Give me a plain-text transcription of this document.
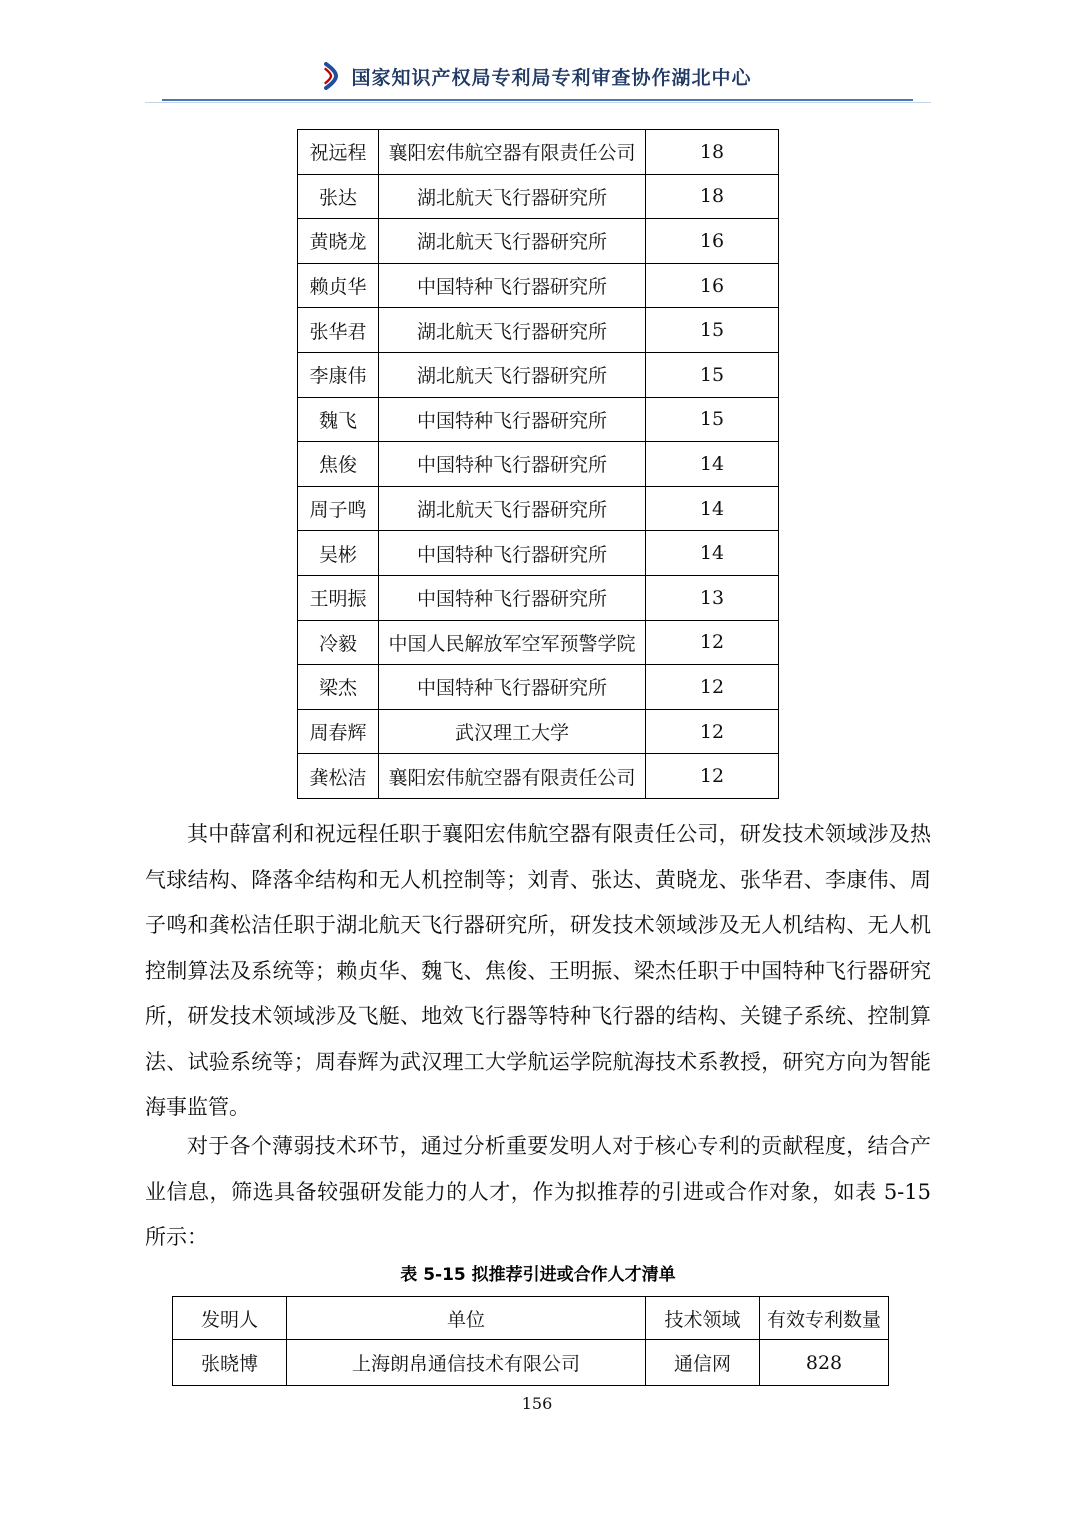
国家知识产权局专利局专利审查协作湖北中心
祝远程	襄阳宏伟航空器有限责任公司	18
张达	湖北航天飞行器研究所	18
黄晓龙	湖北航天飞行器研究所	16
赖贞华	中国特种飞行器研究所	16
张华君	湖北航天飞行器研究所	15
李康伟	湖北航天飞行器研究所	15
魏飞	中国特种飞行器研究所	15
焦俊	中国特种飞行器研究所	14
周子鸣	湖北航天飞行器研究所	14
吴彬	中国特种飞行器研究所	14
王明振	中国特种飞行器研究所	13
冷毅	中国人民解放军空军预警学院	12
梁杰	中国特种飞行器研究所	12
周春辉	武汉理工大学	12
龚松洁	襄阳宏伟航空器有限责任公司	12

其中薛富利和祝远程任职于襄阳宏伟航空器有限责任公司，研发技术领域涉及热气球结构、降落伞结构和无人机控制等；刘青、张达、黄晓龙、张华君、李康伟、周子鸣和龚松洁任职于湖北航天飞行器研究所，研发技术领域涉及无人机结构、无人机控制算法及系统等；赖贞华、魏飞、焦俊、王明振、梁杰任职于中国特种飞行器研究所，研发技术领域涉及飞艇、地效飞行器等特种飞行器的结构、关键子系统、控制算法、试验系统等；周春辉为武汉理工大学航运学院航海技术系教授，研究方向为智能海事监管。

对于各个薄弱技术环节，通过分析重要发明人对于核心专利的贡献程度，结合产业信息，筛选具备较强研发能力的人才，作为拟推荐的引进或合作对象，如表 5-15 所示：

表 5-15 拟推荐引进或合作人才清单
发明人	单位	技术领域	有效专利数量
张晓博	上海朗帛通信技术有限公司	通信网	828
156
